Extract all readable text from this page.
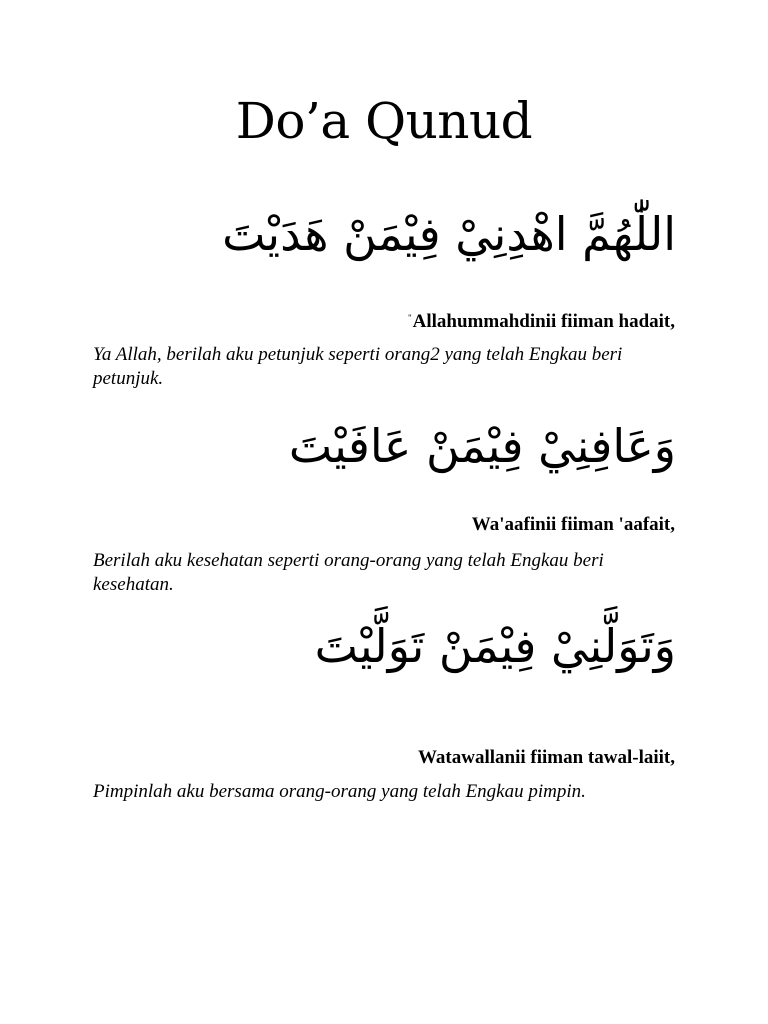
Do’a Qunud
اللّٰهُمَّ اهْدِنِيْ فِيْمَنْ هَدَيْتَ
"Allahummahdinii fiiman hadait,
Ya Allah, berilah aku petunjuk seperti orang2 yang telah Engkau beri petunjuk.
وَعَافِنِيْ فِيْمَنْ عَافَيْتَ
Wa'aafinii fiiman 'aafait,
Berilah aku kesehatan seperti orang-orang yang telah Engkau beri kesehatan.
وَتَوَلَّنِيْ فِيْمَنْ تَوَلَّيْتَ
Watawallanii fiiman tawal-laiit,
Pimpinlah aku bersama orang-orang yang telah Engkau pimpin.
